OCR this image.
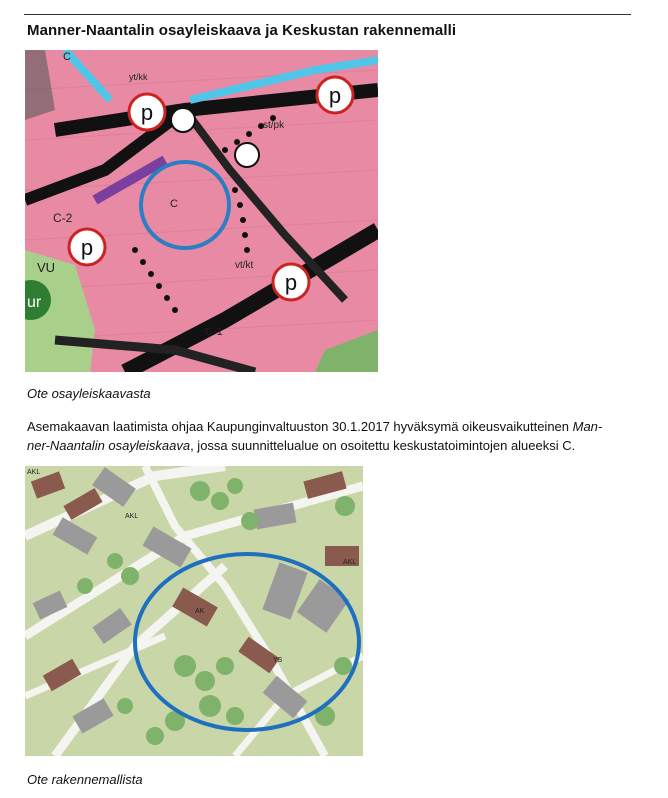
Manner-Naantalin osayleiskaava ja Keskustan rakennemalli
p
p
p
p
ur
C
C-2
VU
C-1
st/pk
vt/kt
yt/kk
C
Ote osayleiskaavasta
Asemakaavan laatimista ohjaa Kaupunginvaltuuston 30.1.2017 hyväksymä oikeusvaikutteinen Man-
ner-Naantalin osayleiskaava, jossa suunnittelualue on osoitettu keskustatoimintojen alueeksi C.
AKL
AKL
AK
YS
AKL
Ote rakennemallista
